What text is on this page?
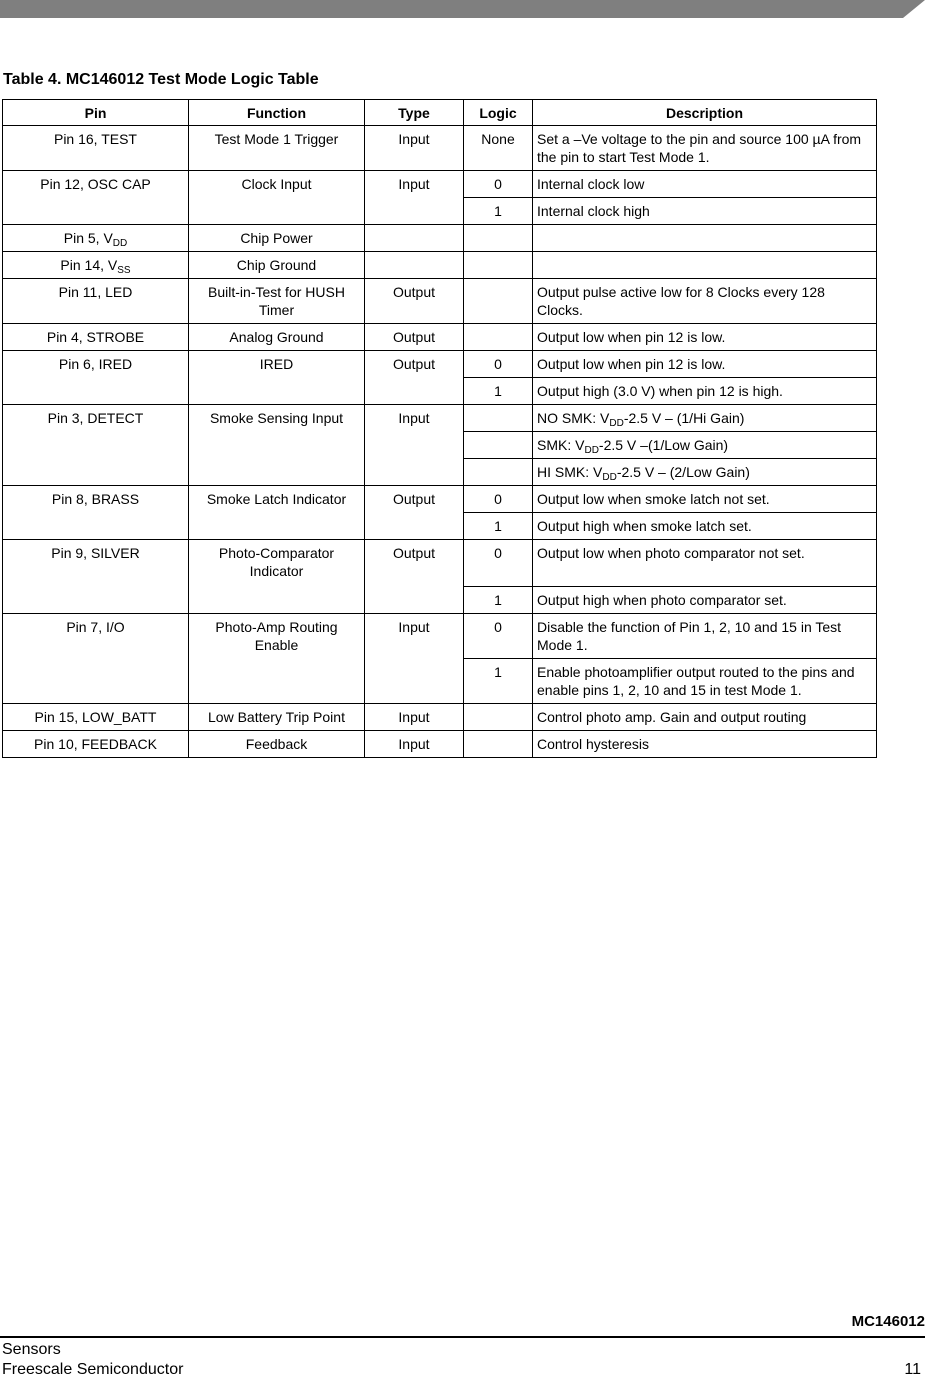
Table 4. MC146012 Test Mode Logic Table
Pin	Function	Type	Logic	Description
Pin 16, TEST	Test Mode 1 Trigger	Input	None	Set a –Ve voltage to the pin and source 100 µA from the pin to start Test Mode 1.
Pin 12, OSC CAP	Clock Input	Input	0	Internal clock low
			1	Internal clock high
Pin 5, $V_{DD}$	Chip Power			
Pin 14, $V_{SS}$	Chip Ground			
Pin 11, LED	Built-in-Test for HUSH Timer	Output		Output pulse active low for 8 Clocks every 128 Clocks.
Pin 4, STROBE	Analog Ground	Output		Output low when pin 12 is low.
Pin 6, IRED	IRED	Output	0	Output low when pin 12 is low.
			1	Output high (3.0 V) when pin 12 is high.
Pin 3, DETECT	Smoke Sensing Input	Input		NO SMK: $V_{DD}-2.5$ V – (1/Hi Gain)
				SMK: $V_{DD}-2.5$ V –(1/Low Gain)
				HI SMK: $V_{DD}-2.5$ V – (2/Low Gain)
Pin 8, BRASS	Smoke Latch Indicator	Output	0	Output low when smoke latch not set.
			1	Output high when smoke latch set.
Pin 9, SILVER	Photo-Comparator Indicator	Output	0	Output low when photo comparator not set.
			1	Output high when photo comparator set.
Pin 7, I/O	Photo-Amp Routing Enable	Input	0	Disable the function of Pin 1, 2, 10 and 15 in Test Mode 1.
			1	Enable photoamplifier output routed to the pins and enable pins 1, 2, 10 and 15 in test Mode 1.
Pin 15, LOW_BATT	Low Battery Trip Point	Input		Control photo amp. Gain and output routing
Pin 10, FEEDBACK	Feedback	Input		Control hysteresis
MC146012
Sensors
Freescale Semiconductor	11
